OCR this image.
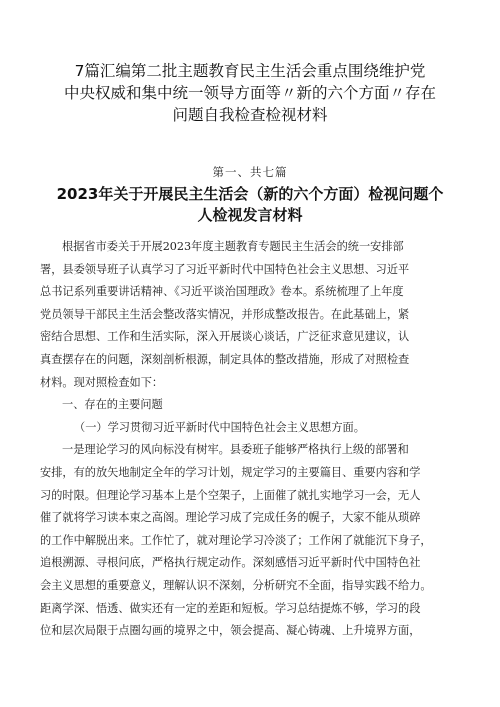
7篇汇编第二批主题教育民主生活会重点围绕维护党
中央权威和集中统一领导方面等〃新的六个方面〃存在
问题自我检查检视材料
第一、共七篇
2023年关于开展民主生活会（新的六个方面）检视问题个
人检视发言材料
根据省市委关于开展2023年度主题教育专题民主生活会的统一安排部
署，县委领导班子认真学习了习近平新时代中国特色社会主义思想、习近平
总书记系列重要讲话精神、《习近平谈治国理政》卷本。系统梳理了上年度
党员领导干部民主生活会整改落实情况，并形成整改报告。在此基础上，紧
密结合思想、工作和生活实际，深入开展谈心谈话，广泛征求意见建议，认
真查摆存在的问题，深刻剖析根源，制定具体的整改措施，形成了对照检查
材料。现对照检查如下：
一、存在的主要问题
（一）学习贯彻习近平新时代中国特色社会主义思想方面。
一是理论学习的风向标没有树牢。县委班子能够严格执行上级的部署和
安排，有的放矢地制定全年的学习计划，规定学习的主要篇目、重要内容和学
习的时限。但理论学习基本上是个空架子，上面催了就扎实地学习一会，无人
催了就将学习读本束之高阁。理论学习成了完成任务的幌子，大家不能从琐碎
的工作中解脱出来。工作忙了，就对理论学习冷淡了；工作闲了就能沉下身子，
追根溯源、寻根问底，严格执行规定动作。深刻感悟习近平新时代中国特色社
会主义思想的重要意义，理解认识不深刻，分析研究不全面，指导实践不给力。
距离学深、悟透、做实还有一定的差距和短板。学习总结提炼不够，学习的段
位和层次局限于点圈勾画的境界之中，领会提高、凝心铸魂、上升境界方面，
